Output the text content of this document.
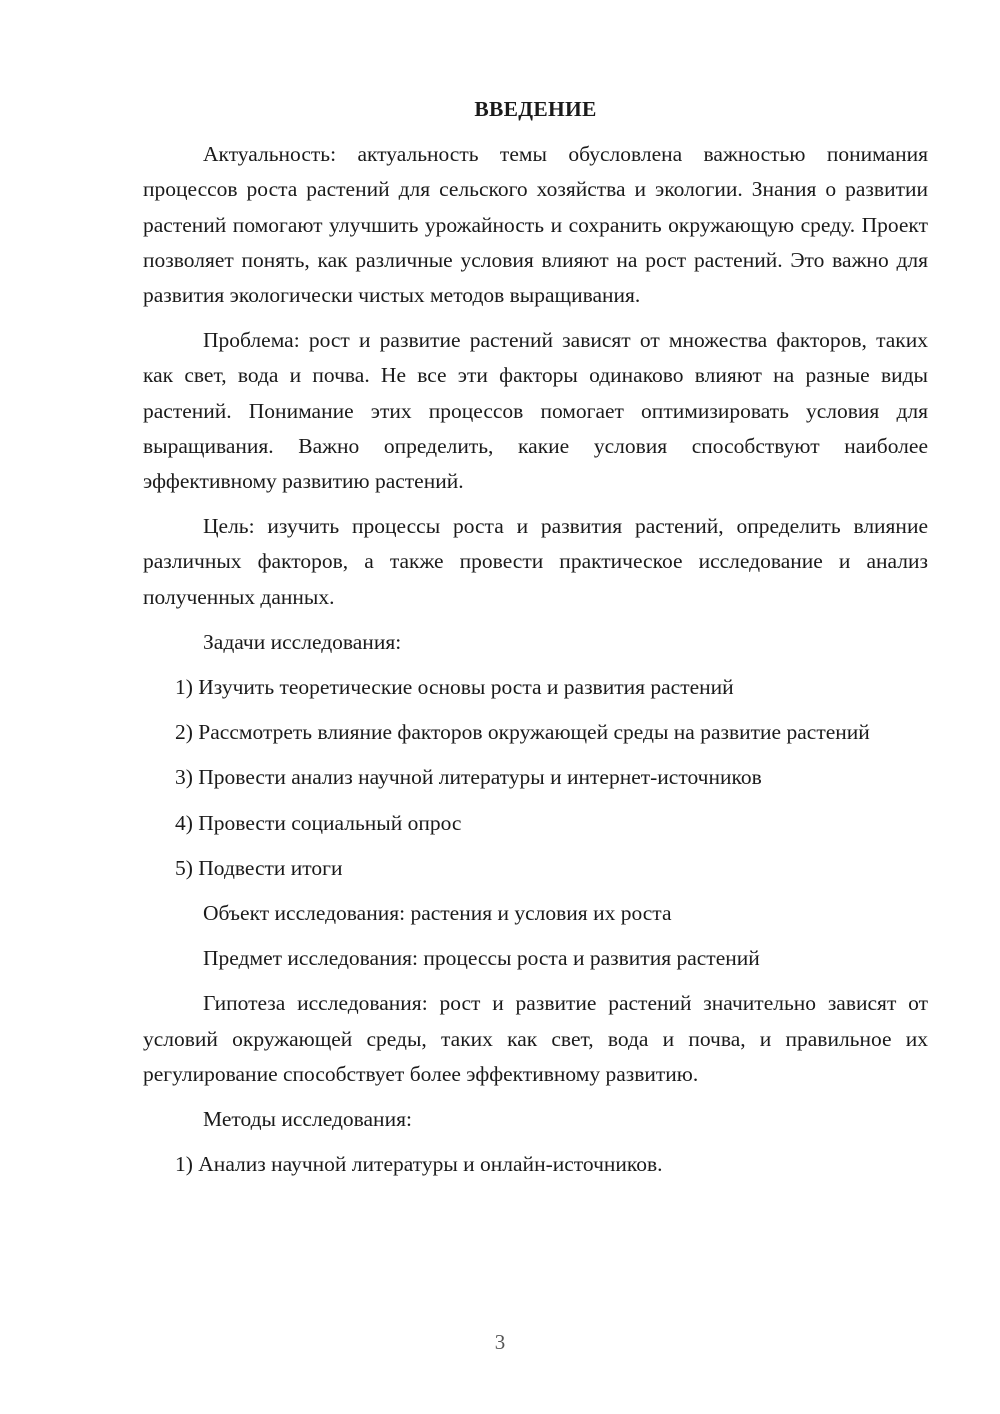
ВВЕДЕНИЕ

Актуальность: актуальность темы обусловлена важностью понимания процессов роста растений для сельского хозяйства и экологии. Знания о развитии растений помогают улучшить урожайность и сохранить окружающую среду. Проект позволяет понять, как различные условия влияют на рост растений. Это важно для развития экологически чистых методов выращивания.

Проблема: рост и развитие растений зависят от множества факторов, таких как свет, вода и почва. Не все эти факторы одинаково влияют на разные виды растений. Понимание этих процессов помогает оптимизировать условия для выращивания. Важно определить, какие условия способствуют наиболее эффективному развитию растений.

Цель: изучить процессы роста и развития растений, определить влияние различных факторов, а также провести практическое исследование и анализ полученных данных.

Задачи исследования:

1) Изучить теоретические основы роста и развития растений

2) Рассмотреть влияние факторов окружающей среды на развитие растений

3) Провести анализ научной литературы и интернет-источников

4) Провести социальный опрос

5) Подвести итоги

Объект исследования: растения и условия их роста

Предмет исследования: процессы роста и развития растений

Гипотеза исследования: рост и развитие растений значительно зависят от условий окружающей среды, таких как свет, вода и почва, и правильное их регулирование способствует более эффективному развитию.

Методы исследования:

1) Анализ научной литературы и онлайн-источников.

3
